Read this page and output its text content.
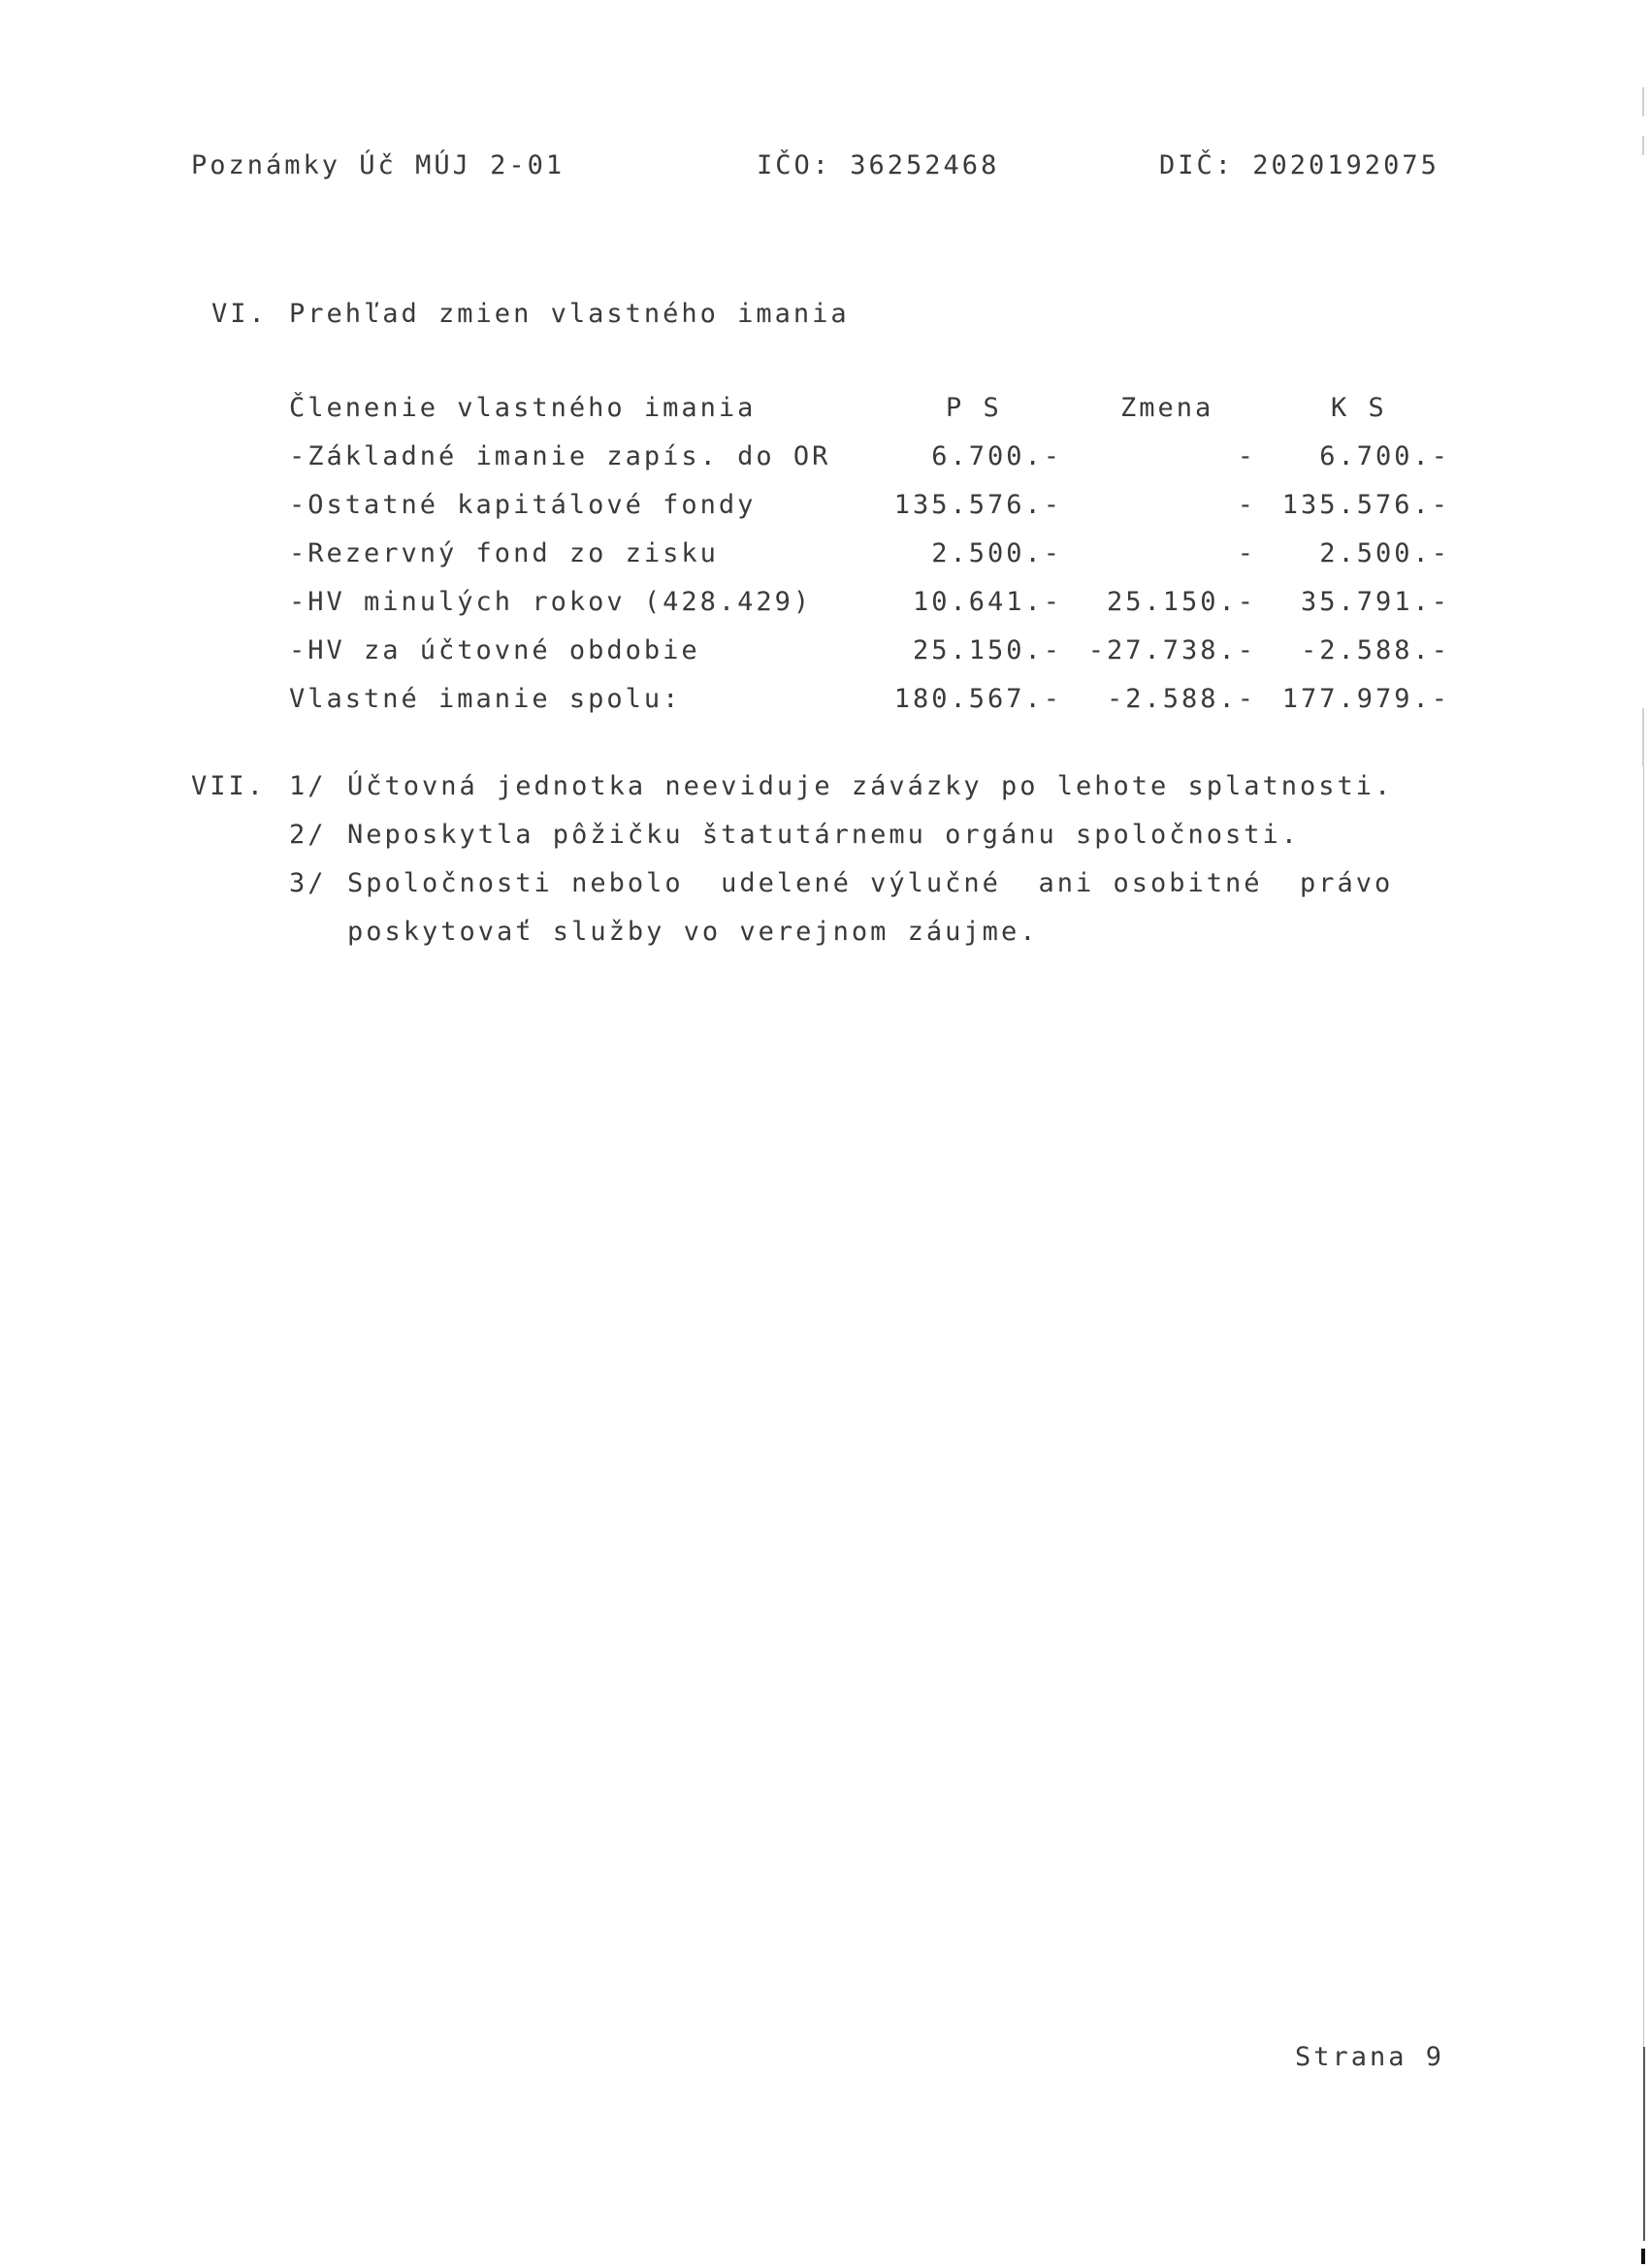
Poznámky Úč MÚJ 2-01	IČO: 36252468	DIČ: 2020192075
VI. Prehľad zmien vlastného imania
Členenie vlastného imania	P S	Zmena	K S
-Základné imanie zapís. do OR	6.700.-	- 6.700.-
-Ostatné kapitálové fondy	135.576.-	- 135.576.-
-Rezervný fond zo zisku	2.500.-	- 2.500.-
-HV minulých rokov (428.429)	10.641.- 25.150.- 35.791.-
-HV za účtovné obdobie	25.150.- -27.738.- -2.588.-
Vlastné imanie spolu:	180.567.- -2.588.- 177.979.-
VII. 1/ Účtovná jednotka neeviduje závázky po lehote splatnosti.
2/ Neposkytla pôžičku štatutárnemu orgánu spoločnosti.
3/ Spoločnosti nebolo  udelené výlučné  ani osobitné  právo
poskytovať služby vo verejnom záujme.
Strana 9
